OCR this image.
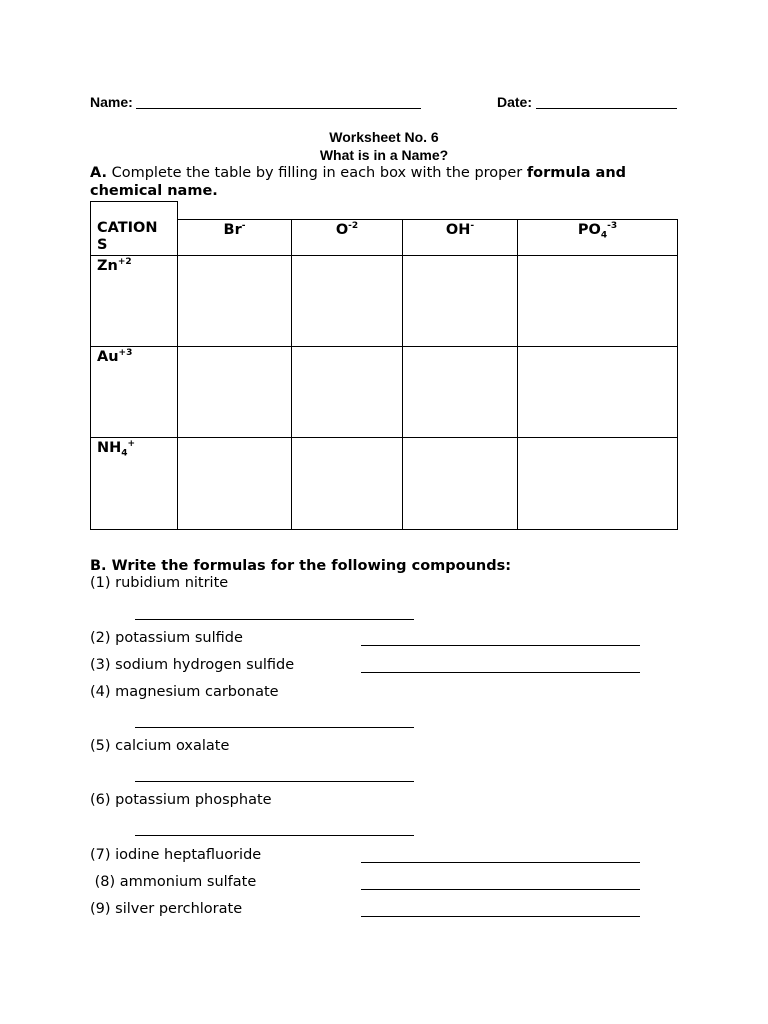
Name:	Date:
Worksheet No. 6
What is in a Name?
A. Complete the table by filling in each box with the proper formula and chemical name.
CATION
S
Br-	$O^{-2}$	OH-	$PO_4^{-3}$
$Zn^{+2}$
$Au^{+3}$
$NH_4^+$
B. Write the formulas for the following compounds:
(1) rubidium nitrite
(2) potassium sulfide
(3) sodium hydrogen sulfide
(4) magnesium carbonate
(5) calcium oxalate
(6) potassium phosphate
(7) iodine heptafluoride
(8) ammonium sulfate
(9) silver perchlorate
